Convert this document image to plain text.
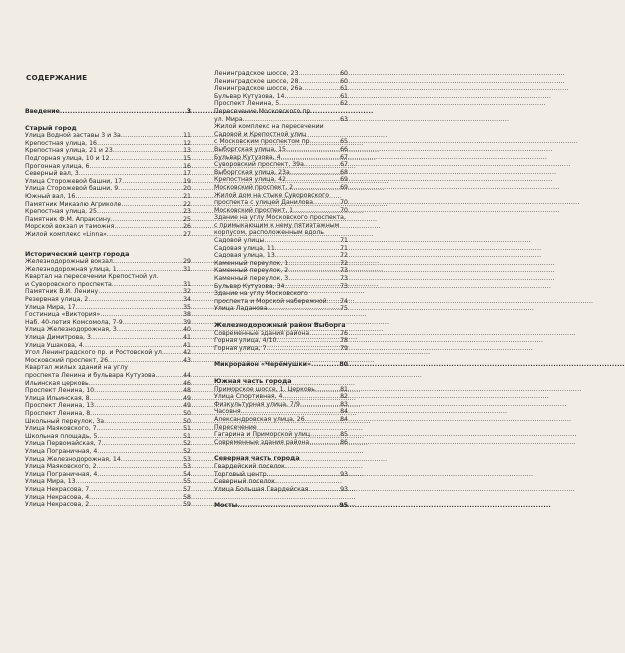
СОДЕРЖАНИЕ
Введение .....	3
Старый город
Улица Водной заставы 3 и 3а .....	11
Крепостная улица, 16 .....	12
Крепостная улица, 21 и 23 .....	13
Подгорная улица, 10 и 12 .....	15
Прогонная улица, 6 .....	16
Северный вал, 3 .....	17
Улица Сторожевой башни, 17 .....	19
Улица Сторожевой башни, 9 .....	20
Южный вал, 16 .....	21
Памятник Микаэлю Агриколе .....	22
Крепостная улица, 25 .....	23
Памятник Ф.М. Апраксину .....	25
Морской вокзал и таможня .....	26
Жилой комплекс «Linna» .....	27
Исторический центр города
Железнодорожный вокзал .....	29
Железнодорожная улица, 1 .....	31
Квартал на пересечении Крепостной ул.
и Суворовского проспекта .....	31
Памятник В.И. Ленину .....	32
Резервная улица, 2 .....	34
Улица Мира, 17 .....	35
Гостиница «Виктория» .....	38
Наб. 40-летия Комсомола, 7-9 .....	39
Улица Железнодорожная, 3 .....	40
Улица Димитрова, 3 .....	41
Улица Ушакова, 4 .....	41
Угол Ленинградского пр. и Ростовской ул. .....	42
Московский проспект, 26 .....	43
Квартал жилых зданий на углу
проспекта Ленина и бульвара Кутузова .....	44
Ильинская церковь .....	46
Проспект Ленина, 10 .....	48
Улица Ильинская, 8 .....	49
Проспект Ленина, 13 .....	49
Проспект Ленина, 8 .....	50
Школьный переулок, 3а .....	50
Улица Маяковского, 7 .....	51
Школьная площадь, 5 .....	51
Улица Первомайская, 7 .....	52
Улица Пограничная, 4 .....	52
Улица Железнодорожная, 14 .....	53
Улица Маяковского, 2 .....	53
Улица Пограничная, 4 .....	54
Улица Мира, 13 .....	55
Улица Некрасова, 7 .....	57
Улица Некрасова, 4 .....	58
Улица Некрасова, 2 .....	59
Ленинградское шоссе, 23 .....	60
Ленинградское шоссе, 28 .....	60
Ленинградское шоссе, 26а .....	61
Бульвар Кутузова, 14 .....	61
Проспект Ленина, 5 .....	62
Пересечение Московского пр.
ул. Мира .....	63
Жилой комплекс на пересечении
Садовой и Крепостной улиц
с Московским проспектом пр. .....	65
Выборгская улица, 15 .....	66
Бульвар Кутузова, 4 .....	67
Суворовский проспект, 39а .....	67
Выборгская улица, 23а .....	68
Крепостная улица, 42 .....	69
Московский проспект, 2 .....	69
Жилой дом на стыке Суворовского
проспекта с улицей Данилова .....	70
Московский проспект, 1 .....	70
Здание на углу Московского проспекта,
с примыкающим к нему пятиэтажным
корпусом, расположенным вдоль
Садовой улицы .....	71
Садовая улица, 11 .....	71
Садовая улица, 13 .....	72
Каменный переулок, 1 .....	72
Каменный переулок, 2 .....	73
Каменный переулок, 3 .....	73
Бульвар Кутузова, 34 .....	73
Здание на углу Московского
проспекта и Морской набережной ..... 74
Улица Ладанова .....	75
Железнодорожный район Выборга
Современные здания района .....	76
Горная улица, 4/10 .....	78
Горная улица, 7 .....	79
Микрорайон «Черёмушки» .....	80
Южная часть города
Приморское шоссе, 1. Церковь .....	81
Улица Спортивная, 4 .....	82
Физкультурная улица, 7/9 .....	83
Часовня .....	84
Александровская улица, 26 .....	84
Пересечение
Гагарина и Приморской улиц .....	85
Современные здания района .....	86
Северная часть города
Гвардейский поселок.
Торговый центр .....	93
Северный поселок.
Улица Большая Гвардейская .....	93
Мосты .....	95
